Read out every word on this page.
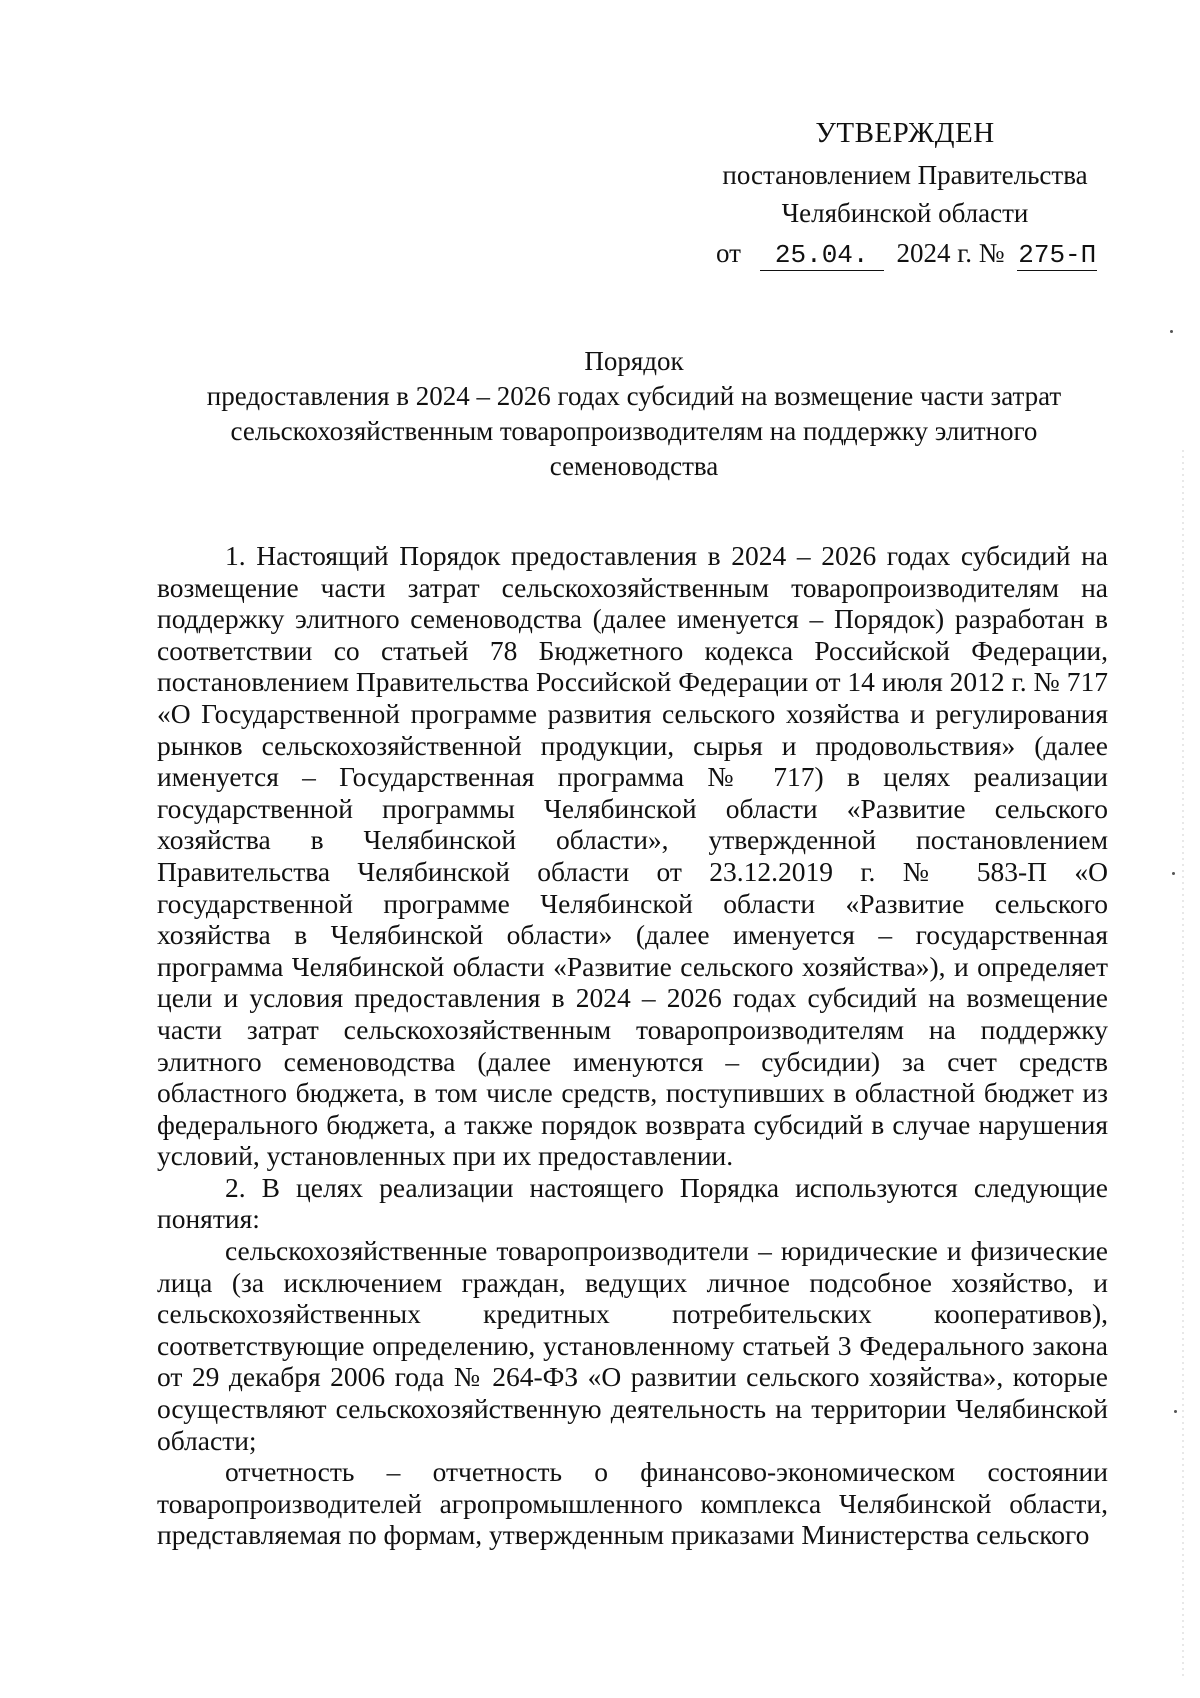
УТВЕРЖДЕН
постановлением Правительства
Челябинской области
от 25.04. 2024 г. № 275-П
Порядок
предоставления в 2024 – 2026 годах субсидий на возмещение части затрат сельскохозяйственным товаропроизводителям на поддержку элитного семеноводства

1. Настоящий Порядок предоставления в 2024 – 2026 годах субсидий на возмещение части затрат сельскохозяйственным товаропроизводителям на поддержку элитного семеноводства (далее именуется – Порядок) разработан в соответствии со статьей 78 Бюджетного кодекса Российской Федерации, постановлением Правительства Российской Федерации от 14 июля 2012 г. № 717 «О Государственной программе развития сельского хозяйства и регулирования рынков сельскохозяйственной продукции, сырья и продовольствия» (далее именуется – Государственная программа № 717) в целях реализации государственной программы Челябинской области «Развитие сельского хозяйства в Челябинской области», утвержденной постановлением Правительства Челябинской области от 23.12.2019 г. № 583-П «О государственной программе Челябинской области «Развитие сельского хозяйства в Челябинской области» (далее именуется – государственная программа Челябинской области «Развитие сельского хозяйства»), и определяет цели и условия предоставления в 2024 – 2026 годах субсидий на возмещение части затрат сельскохозяйственным товаропроизводителям на поддержку элитного семеноводства (далее именуются – субсидии) за счет средств областного бюджета, в том числе средств, поступивших в областной бюджет из федерального бюджета, а также порядок возврата субсидий в случае нарушения условий, установленных при их предоставлении.

2. В целях реализации настоящего Порядка используются следующие понятия:

сельскохозяйственные товаропроизводители – юридические и физические лица (за исключением граждан, ведущих личное подсобное хозяйство, и сельскохозяйственных кредитных потребительских кооперативов), соответствующие определению, установленному статьей 3 Федерального закона от 29 декабря 2006 года № 264-ФЗ «О развитии сельского хозяйства», которые осуществляют сельскохозяйственную деятельность на территории Челябинской области;

отчетность – отчетность о финансово-экономическом состоянии товаропроизводителей агропромышленного комплекса Челябинской области, представляемая по формам, утвержденным приказами Министерства сельского
